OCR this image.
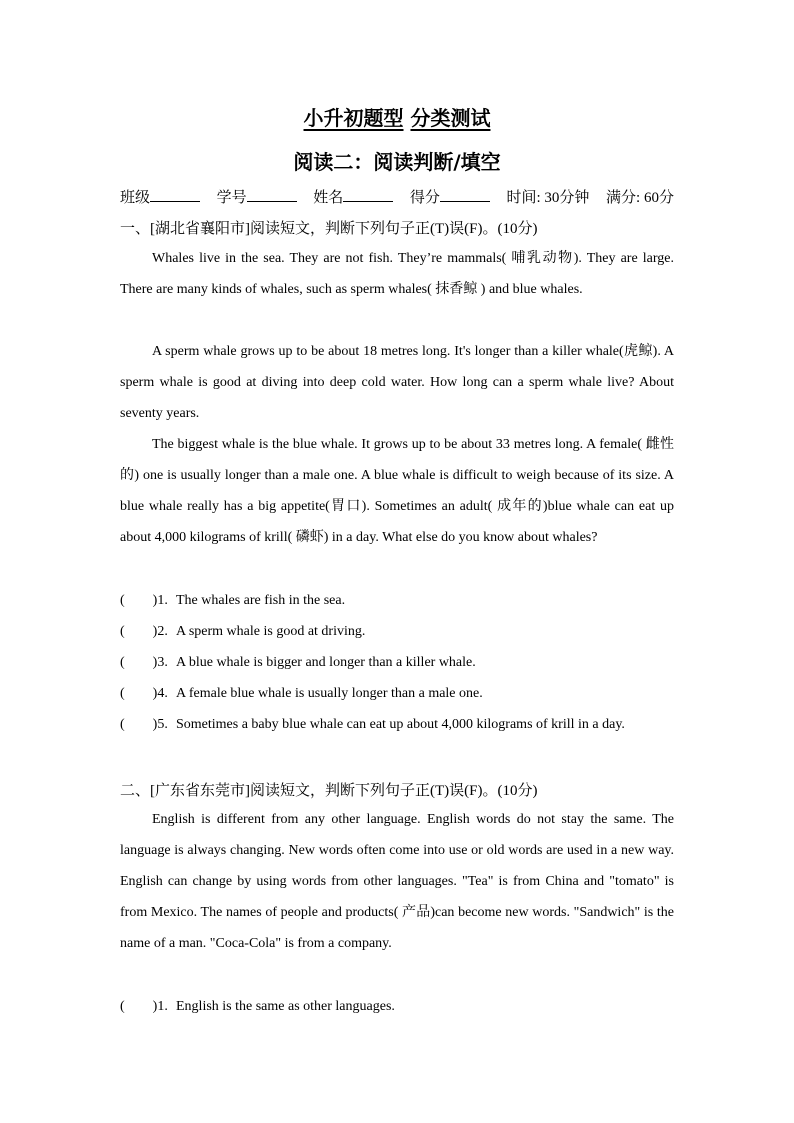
小升初题型 分类测试
阅读二：阅读判断/填空
班级	学号	姓名	得分	时间: 30分钟 满分: 60分
一、[湖北省襄阳市]阅读短文，判断下列句子正(T)误(F)。(10分)
Whales live in the sea. They are not fish. They’re mammals( 哺乳动物). They are large. There are many kinds of whales, such as sperm whales( 抹香鲸 ) and blue whales.
A sperm whale grows up to be about 18 metres long. It's longer than a killer whale(虎鲸). A sperm whale is good at diving into deep cold water. How long can a sperm whale live? About seventy years.
The biggest whale is the blue whale. It grows up to be about 33 metres long. A female( 雌性的) one is usually longer than a male one. A blue whale is difficult to weigh because of its size. A blue whale really has a big appetite(胃口). Sometimes an adult( 成年的)blue whale can eat up about 4,000 kilograms of krill( 磷虾) in a day. What else do you know about whales?
(　　)1. The whales are fish in the sea.
(　　)2. A sperm whale is good at driving.
(　　)3. A blue whale is bigger and longer than a killer whale.
(　　)4. A female blue whale is usually longer than a male one.
(　　)5. Sometimes a baby blue whale can eat up about 4,000 kilograms of krill in a day.
二、[广东省东莞市]阅读短文，判断下列句子正(T)误(F)。(10分)
English is different from any other language. English words do not stay the same. The language is always changing. New words often come into use or old words are used in a new way. English can change by using words from other languages. "Tea" is from China and "tomato" is from Mexico. The names of people and products( 产品)can become new words. "Sandwich" is the name of a man. "Coca-Cola" is from a company.
(　　)1. English is the same as other languages.
